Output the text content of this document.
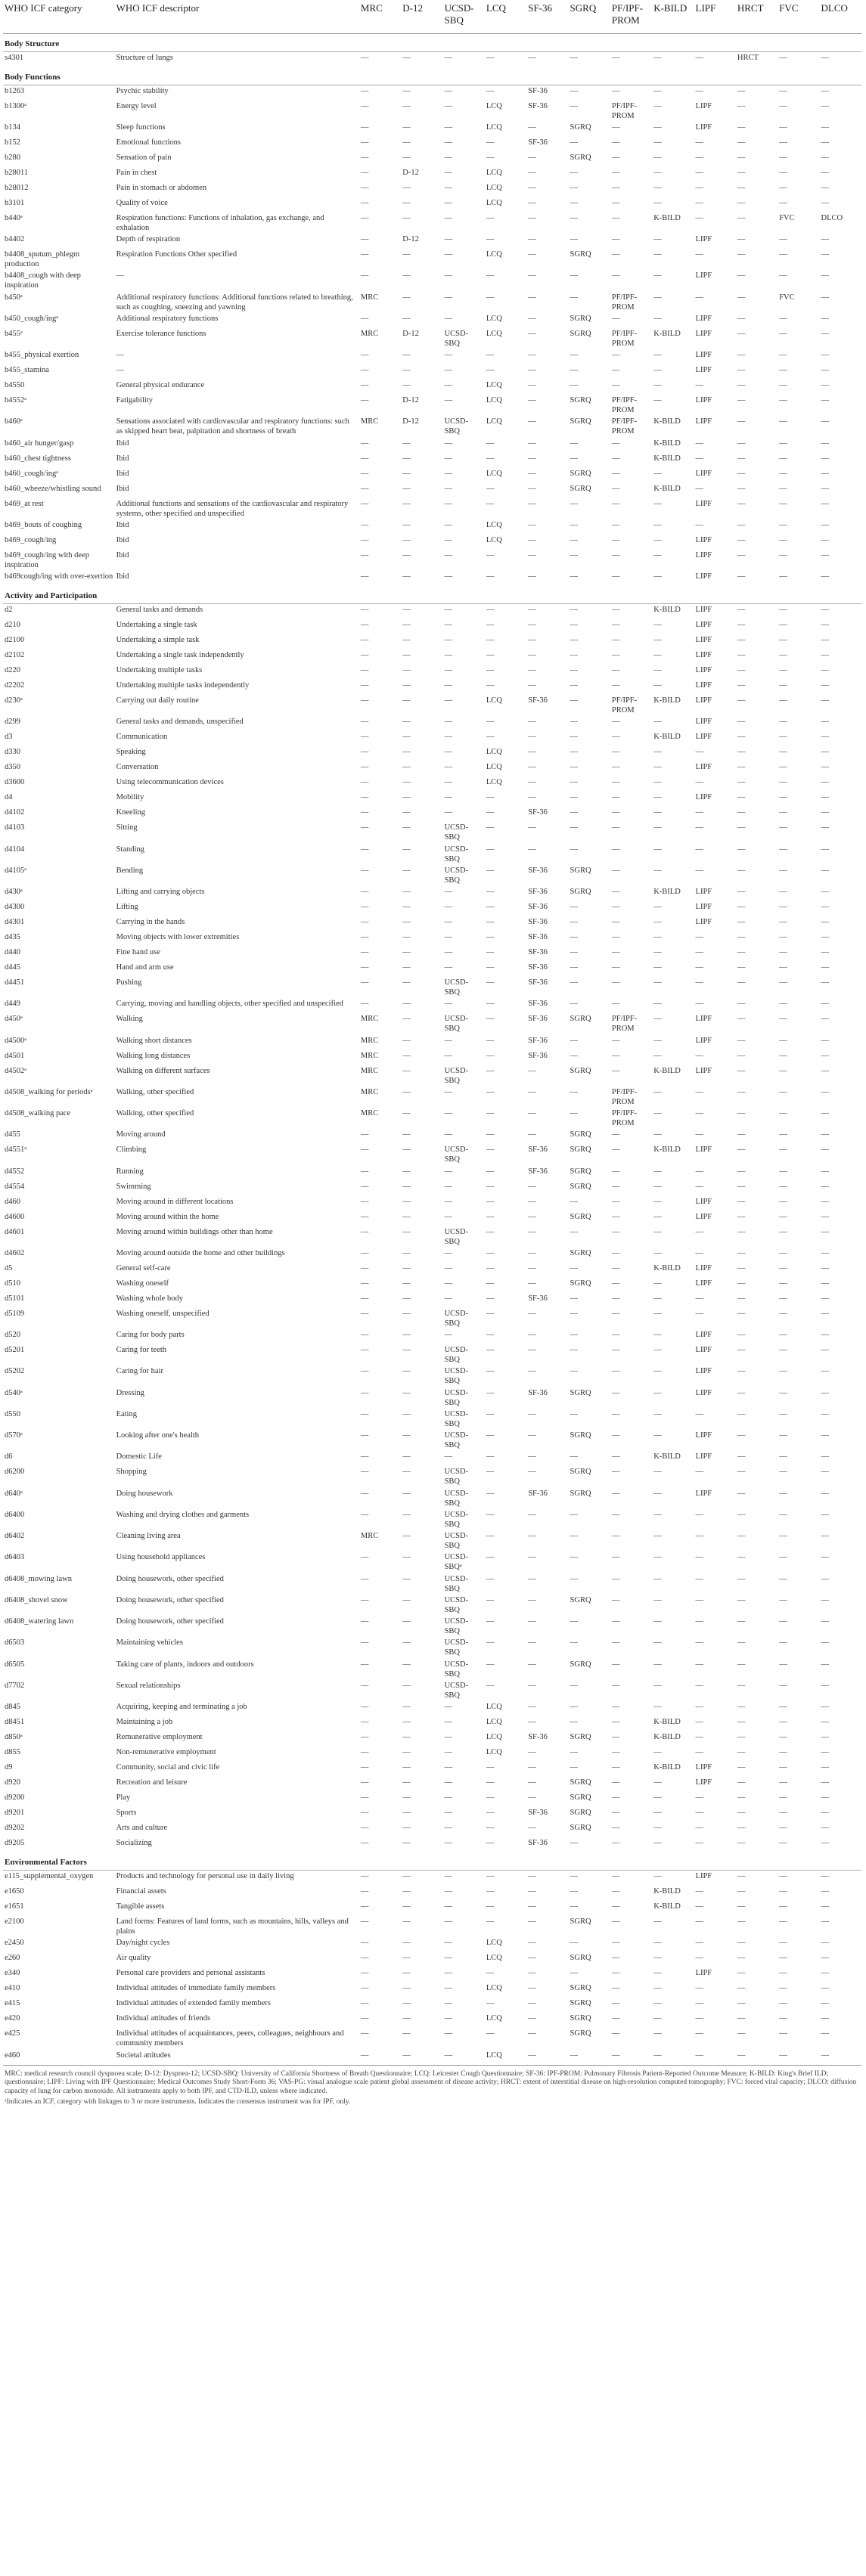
WHO ICF category	WHO ICF descriptor	MRC	D-12	UCSD-SBQ	LCQ	SF-36	SGRQ	PF/IPF-PROM	K-BILD	LIPF	HRCT	FVC	DLCO
Body Structure													
s4301	Structure of lungs	—	—	—	—	—	—	—	—	—	HRCT	—	—
Body Functions													
b1263	Psychic stability	—	—	—	—	SF-36	—	—	—	—	—	—	—
b1300ᵃ	Energy level	—	—	—	LCQ	SF-36	—	PF/IPF-PROM	—	LIPF	—	—	—
b134	Sleep functions	—	—	—	LCQ	—	SGRQ	—	—	LIPF	—	—	—
b152	Emotional functions	—	—	—	—	SF-36	—	—	—	—	—	—	—
b280	Sensation of pain	—	—	—	—	—	SGRQ	—	—	—	—	—	—
b28011	Pain in chest	—	D-12	—	LCQ	—	—	—	—	—	—	—	—
b28012	Pain in stomach or abdomen	—	—	—	LCQ	—	—	—	—	—	—	—	—
b3101	Quality of voice	—	—	—	LCQ	—	—	—	—	—	—	—	—
b440ᵃ	Respiration functions: Functions of inhalation, gas exchange, and exhalation	—	—	—	—	—	—	—	K-BILD	—	—	FVC	DLCO
b4402	Depth of respiration	—	D-12	—	—	—	—	—	—	LIPF	—	—	—
b4408_sputum_phlegm production	Respiration Functions Other specified	—	—	—	LCQ	—	SGRQ	—	—	—	—	—	—
b4408_cough with deep inspiration	—	—	—	—	—	—	—	—	—	LIPF	—	—	—
b450ᵃ	Additional respiratory functions: Additional functions related to breathing, such as coughing, sneezing and yawning	MRC	—	—	—	—	—	PF/IPF-PROM	—	—	—	FVC	—
b450_cough/ingᵃ	Additional respiratory functions	—	—	—	LCQ	—	SGRQ	—	—	LIPF	—	—	—
b455ᵃ	Exercise tolerance functions	MRC	D-12	UCSD-SBQ	LCQ	—	SGRQ	PF/IPF-PROM	K-BILD	LIPF	—	—	—
b455_physical exertion	—	—	—	—	—	—	—	—	—	LIPF	—	—	—
b455_stamina	—	—	—	—	—	—	—	—	—	LIPF	—	—	—
b4550	General physical endurance	—	—	—	LCQ	—	—	—	—	—	—	—	—
b4552ᵃ	Fatigability	—	D-12	—	LCQ	—	SGRQ	PF/IPF-PROM	—	LIPF	—	—	—
b460ᵃ	Sensations associated with cardiovascular and respiratory functions: such as skipped heart beat, palpitation and shortness of breath	MRC	D-12	UCSD-SBQ	LCQ	—	SGRQ	PF/IPF-PROM	K-BILD	LIPF	—	—	—
b460_air hunger/gasp	Ibid	—	—	—	—	—	—	—	K-BILD	—	—	—	—
b460_chest tightness	Ibid	—	—	—	—	—	—	—	K-BILD	—	—	—	—
b460_cough/ingᵃ	Ibid	—	—	—	LCQ	—	SGRQ	—	—	LIPF	—	—	—
b460_wheeze/whistling sound	Ibid	—	—	—	—	—	SGRQ	—	K-BILD	—	—	—	—
b469_at rest	Additional functions and sensations of the cardiovascular and respiratory systems, other specified and unspecified	—	—	—	—	—	—	—	—	LIPF	—	—	—
b469_bouts of coughing	Ibid	—	—	—	LCQ	—	—	—	—	—	—	—	—
b469_cough/ing	Ibid	—	—	—	LCQ	—	—	—	—	LIPF	—	—	—
b469_cough/ing with deep inspiration	Ibid	—	—	—	—	—	—	—	—	LIPF	—	—	—
b469cough/ing with over-exertion	Ibid	—	—	—	—	—	—	—	—	LIPF	—	—	—
Activity and Participation													
d2	General tasks and demands	—	—	—	—	—	—	—	K-BILD	LIPF	—	—	—
d210	Undertaking a single task	—	—	—	—	—	—	—	—	LIPF	—	—	—
d2100	Undertaking a simple task	—	—	—	—	—	—	—	—	LIPF	—	—	—
d2102	Undertaking a single task independently	—	—	—	—	—	—	—	—	LIPF	—	—	—
d220	Undertaking multiple tasks	—	—	—	—	—	—	—	—	LIPF	—	—	—
d2202	Undertaking multiple tasks independently	—	—	—	—	—	—	—	—	LIPF	—	—	—
d230ᵃ	Carrying out daily routine	—	—	—	LCQ	SF-36	—	PF/IPF-PROM	K-BILD	LIPF	—	—	—
d299	General tasks and demands, unspecified	—	—	—	—	—	—	—	—	LIPF	—	—	—
d3	Communication	—	—	—	—	—	—	—	K-BILD	LIPF	—	—	—
d330	Speaking	—	—	—	LCQ	—	—	—	—	—	—	—	—
d350	Conversation	—	—	—	LCQ	—	—	—	—	LIPF	—	—	—
d3600	Using telecommunication devices	—	—	—	LCQ	—	—	—	—	—	—	—	—
d4	Mobility	—	—	—	—	—	—	—	—	LIPF	—	—	—
d4102	Kneeling	—	—	—	—	SF-36	—	—	—	—	—	—	—
d4103	Sitting	—	—	UCSD-SBQ	—	—	—	—	—	—	—	—	—
d4104	Standing	—	—	UCSD-SBQ	—	—	—	—	—	—	—	—	—
d4105ᵃ	Bending	—	—	UCSD-SBQ	—	SF-36	SGRQ	—	—	—	—	—	—
d430ᵃ	Lifting and carrying objects	—	—	—	—	SF-36	SGRQ	—	K-BILD	LIPF	—	—	—
d4300	Lifting	—	—	—	—	SF-36	—	—	—	LIPF	—	—	—
d4301	Carrying in the hands	—	—	—	—	SF-36	—	—	—	LIPF	—	—	—
d435	Moving objects with lower extremities	—	—	—	—	SF-36	—	—	—	—	—	—	—
d440	Fine hand use	—	—	—	—	SF-36	—	—	—	—	—	—	—
d445	Hand and arm use	—	—	—	—	SF-36	—	—	—	—	—	—	—
d4451	Pushing	—	—	UCSD-SBQ	—	SF-36	—	—	—	—	—	—	—
d449	Carrying, moving and handling objects, other specified and unspecified	—	—	—	—	SF-36	—	—	—	—	—	—	—
d450ᵃ	Walking	MRC	—	UCSD-SBQ	—	SF-36	SGRQ	PF/IPF-PROM	—	LIPF	—	—	—
d4500ᵃ	Walking short distances	MRC	—	—	—	SF-36	—	—	—	LIPF	—	—	—
d4501	Walking long distances	MRC	—	—	—	SF-36	—	—	—	—	—	—	—
d4502ᵃ	Walking on different surfaces	MRC	—	UCSD-SBQ	—	—	SGRQ	—	K-BILD	LIPF	—	—	—
d4508_walking for periodsᵃ	Walking, other specified	MRC	—	—	—	—	—	PF/IPF-PROM	—	—	—	—	—
d4508_walking pace	Walking, other specified	MRC	—	—	—	—	—	PF/IPF-PROM	—	—	—	—	—
d455	Moving around	—	—	—	—	—	SGRQ	—	—	—	—	—	—
d4551ᵃ	Climbing	—	—	UCSD-SBQ	—	SF-36	SGRQ	—	K-BILD	LIPF	—	—	—
d4552	Running	—	—	—	—	SF-36	SGRQ	—	—	—	—	—	—
d4554	Swimming	—	—	—	—	—	SGRQ	—	—	—	—	—	—
d460	Moving around in different locations	—	—	—	—	—	—	—	—	LIPF	—	—	—
d4600	Moving around within the home	—	—	—	—	—	SGRQ	—	—	LIPF	—	—	—
d4601	Moving around within buildings other than home	—	—	UCSD-SBQ	—	—	—	—	—	—	—	—	—
d4602	Moving around outside the home and other buildings	—	—	—	—	—	SGRQ	—	—	—	—	—	—
d5	General self-care	—	—	—	—	—	—	—	K-BILD	LIPF	—	—	—
d510	Washing oneself	—	—	—	—	—	SGRQ	—	—	LIPF	—	—	—
d5101	Washing whole body	—	—	—	—	SF-36	—	—	—	—	—	—	—
d5109	Washing oneself, unspecified	—	—	UCSD-SBQ	—	—	—	—	—	—	—	—	—
d520	Caring for body parts	—	—	—	—	—	—	—	—	LIPF	—	—	—
d5201	Caring for teeth	—	—	UCSD-SBQ	—	—	—	—	—	LIPF	—	—	—
d5202	Caring for hair	—	—	UCSD-SBQ	—	—	—	—	—	LIPF	—	—	—
d540ᵃ	Dressing	—	—	UCSD-SBQ	—	SF-36	SGRQ	—	—	LIPF	—	—	—
d550	Eating	—	—	UCSD-SBQ	—	—	—	—	—	—	—	—	—
d570ᵃ	Looking after one's health	—	—	UCSD-SBQ	—	—	SGRQ	—	—	LIPF	—	—	—
d6	Domestic Life	—	—	—	—	—	—	—	K-BILD	LIPF	—	—	—
d6200	Shopping	—	—	UCSD-SBQ	—	—	SGRQ	—	—	—	—	—	—
d640ᵃ	Doing housework	—	—	UCSD-SBQ	—	SF-36	SGRQ	—	—	LIPF	—	—	—
d6400	Washing and drying clothes and garments	—	—	UCSD-SBQ	—	—	—	—	—	—	—	—	—
d6402	Cleaning living area	MRC	—	UCSD-SBQ	—	—	—	—	—	—	—	—	—
d6403	Using household appliances	—	—	UCSD-SBQᵃ	—	—	—	—	—	—	—	—	—
d6408_mowing lawn	Doing housework, other specified	—	—	UCSD-SBQ	—	—	—	—	—	—	—	—	—
d6408_shovel snow	Doing housework, other specified	—	—	UCSD-SBQ	—	—	SGRQ	—	—	—	—	—	—
d6408_watering lawn	Doing housework, other specified	—	—	UCSD-SBQ	—	—	—	—	—	—	—	—	—
d6503	Maintaining vehicles	—	—	UCSD-SBQ	—	—	—	—	—	—	—	—	—
d6505	Taking care of plants, indoors and outdoors	—	—	UCSD-SBQ	—	—	SGRQ	—	—	—	—	—	—
d7702	Sexual relationships	—	—	UCSD-SBQ	—	—	—	—	—	—	—	—	—
d845	Acquiring, keeping and terminating a job	—	—	—	LCQ	—	—	—	—	—	—	—	—
d8451	Maintaining a job	—	—	—	LCQ	—	—	—	K-BILD	—	—	—	—
d850ᵃ	Remunerative employment	—	—	—	LCQ	SF-36	SGRQ	—	K-BILD	—	—	—	—
d855	Non-remunerative employment	—	—	—	LCQ	—	—	—	—	—	—	—	—
d9	Community, social and civic life	—	—	—	—	—	—	—	K-BILD	LIPF	—	—	—
d920	Recreation and leisure	—	—	—	—	—	SGRQ	—	—	LIPF	—	—	—
d9200	Play	—	—	—	—	—	SGRQ	—	—	—	—	—	—
d9201	Sports	—	—	—	—	SF-36	SGRQ	—	—	—	—	—	—
d9202	Arts and culture	—	—	—	—	—	SGRQ	—	—	—	—	—	—
d9205	Socializing	—	—	—	—	SF-36	—	—	—	—	—	—	—
Environmental Factors													
e115_supplemental_oxygen	Products and technology for personal use in daily living	—	—	—	—	—	—	—	—	LIPF	—	—	—
e1650	Financial assets	—	—	—	—	—	—	—	K-BILD	—	—	—	—
e1651	Tangible assets	—	—	—	—	—	—	—	K-BILD	—	—	—	—
e2100	Land forms: Features of land forms, such as mountains, hills, valleys and plains	—	—	—	—	—	SGRQ	—	—	—	—	—	—
e2450	Day/night cycles	—	—	—	LCQ	—	—	—	—	—	—	—	—
e260	Air quality	—	—	—	LCQ	—	SGRQ	—	—	—	—	—	—
e340	Personal care providers and personal assistants	—	—	—	—	—	—	—	—	LIPF	—	—	—
e410	Individual attitudes of immediate family members	—	—	—	LCQ	—	SGRQ	—	—	—	—	—	—
e415	Individual attitudes of extended family members	—	—	—	—	—	SGRQ	—	—	—	—	—	—
e420	Individual attitudes of friends	—	—	—	LCQ	—	SGRQ	—	—	—	—	—	—
e425	Individual attitudes of acquaintances, peers, colleagues, neighbours and community members	—	—	—	—	—	SGRQ	—	—	—	—	—	—
e460	Societal attitudes	—	—	—	LCQ	—	—	—	—	—	—	—	—

MRC: medical research council dyspnoea scale; D-12: Dyspnea-12; UCSD-SBQ: University of California Shortness of Breath Questionnaire; LCQ: Leicester Cough Questionnaire; SF-36: IPF-PROM: Pulmonary Fibrosis Patient-Reported Outcome Measure; K-BILD: King's Brief ILD; questionnaire; LIPF: Living with IPF Questionnaire; Medical Outcomes Study Short-Form 36; VAS-PG: visual analogue scale patient global assessment of disease activity; HRCT: extent of interstitial disease on high-resolution computed tomography; FVC: forced vital capacity; DLCO: diffusion capacity of lung for carbon monoxide. All instruments apply to both IPF, and CTD-ILD, unless where indicated.

ᵃIndicates an ICF, category with linkages to 3 or more instruments. Indicates the consensus instrument was for IPF, only.
